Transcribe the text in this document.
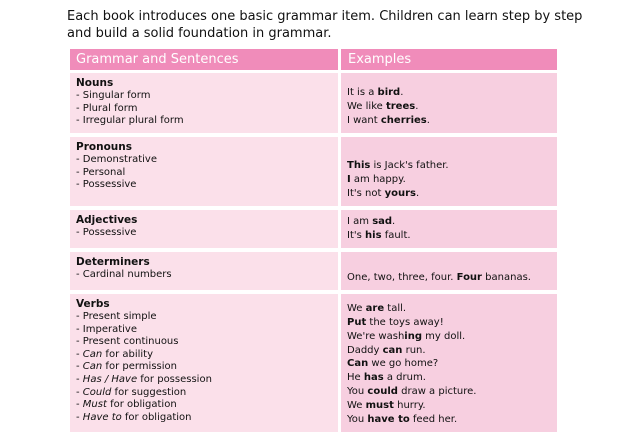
Each book introduces one basic grammar item. Children can learn step by step and build a solid foundation in grammar.
Grammar and Sentences	Examples
Nouns
- Singular form
- Plural form
- Irregular plural form
It is a bird.
We like trees.
I want cherries.
Pronouns
- Demonstrative
- Personal
- Possessive
This is Jack's father.
I am happy.
It's not yours.
Adjectives
- Possessive
I am sad.
It's his fault.
Determiners
- Cardinal numbers	One, two, three, four. Four bananas.
Verbs
- Present simple
- Imperative
- Present continuous
- Can for ability
- Can for permission
- Has / Have for possession
- Could for suggestion
- Must for obligation
- Have to for obligation
We are tall.
Put the toys away!
We're washing my doll.
Daddy can run.
Can we go home?
He has a drum.
You could draw a picture.
We must hurry.
You have to feed her.
